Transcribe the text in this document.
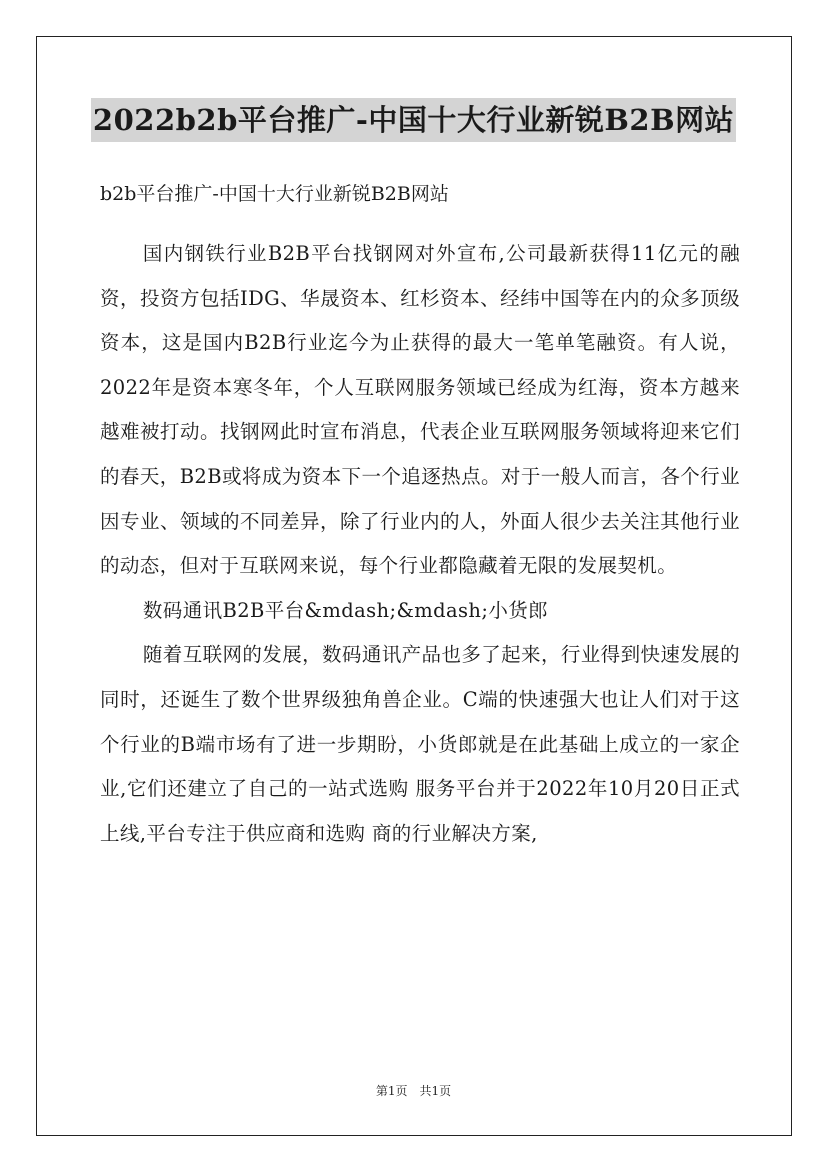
2022b2b平台推广-中国十大行业新锐B2B网站
b2b平台推广-中国十大行业新锐B2B网站

国内钢铁行业B2B平台找钢网对外宣布,公司最新获得11亿元的融资，投资方包括IDG、华晟资本、红杉资本、经纬中国等在内的众多顶级资本，这是国内B2B行业迄今为止获得的最大一笔单笔融资。有人说，2022年是资本寒冬年，个人互联网服务领域已经成为红海，资本方越来越难被打动。找钢网此时宣布消息，代表企业互联网服务领域将迎来它们的春天，B2B或将成为资本下一个追逐热点。对于一般人而言，各个行业因专业、领域的不同差异，除了行业内的人，外面人很少去关注其他行业的动态，但对于互联网来说，每个行业都隐藏着无限的发展契机。

数码通讯B2B平台&mdash;&mdash;小货郎

随着互联网的发展，数码通讯产品也多了起来，行业得到快速发展的同时，还诞生了数个世界级独角兽企业。C端的快速强大也让人们对于这个行业的B端市场有了进一步期盼，小货郎就是在此基础上成立的一家企业,它们还建立了自己的一站式选购 服务平台并于2022年10月20日正式上线,平台专注于供应商和选购 商的行业解决方案,

第1页 共1页
